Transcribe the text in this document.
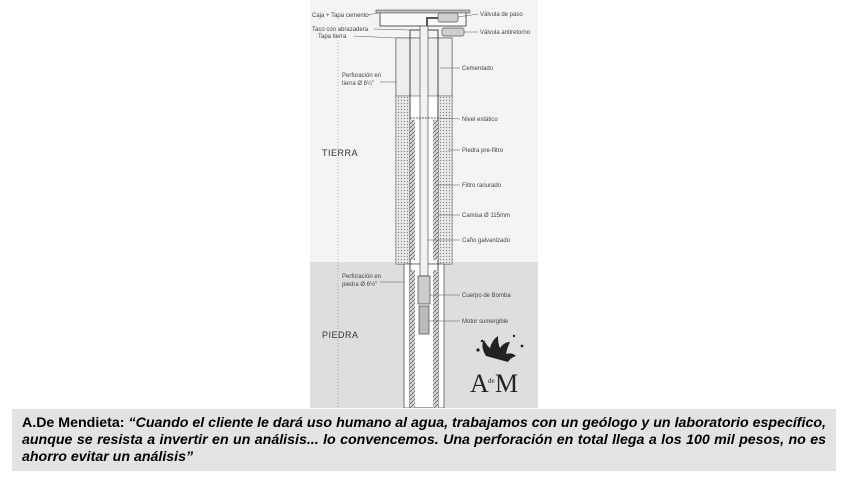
Caja + Tapa cemento
Taco con abrazadera
Tapa tierra
Perforación en
tierra Ø 8¼"
TIERRA
Perforación en
piedra Ø 6½"
PIEDRA
Válvula de paso
Válvula antiretorno
Cementado
Nivel estático
Piedra pre-filtro
Filtro ranurado
Camisa Ø 115mm
Caño galvanizado
Cuerpo de Bomba
Motor sumergible
A de M
A.De Mendieta: “Cuando el cliente le dará uso humano al agua, trabajamos con un geólogo y un laboratorio específico, aunque se resista a invertir en un análisis... lo convencemos. Una perforación en total llega a los 100 mil pesos, no es ahorro evitar un análisis”
